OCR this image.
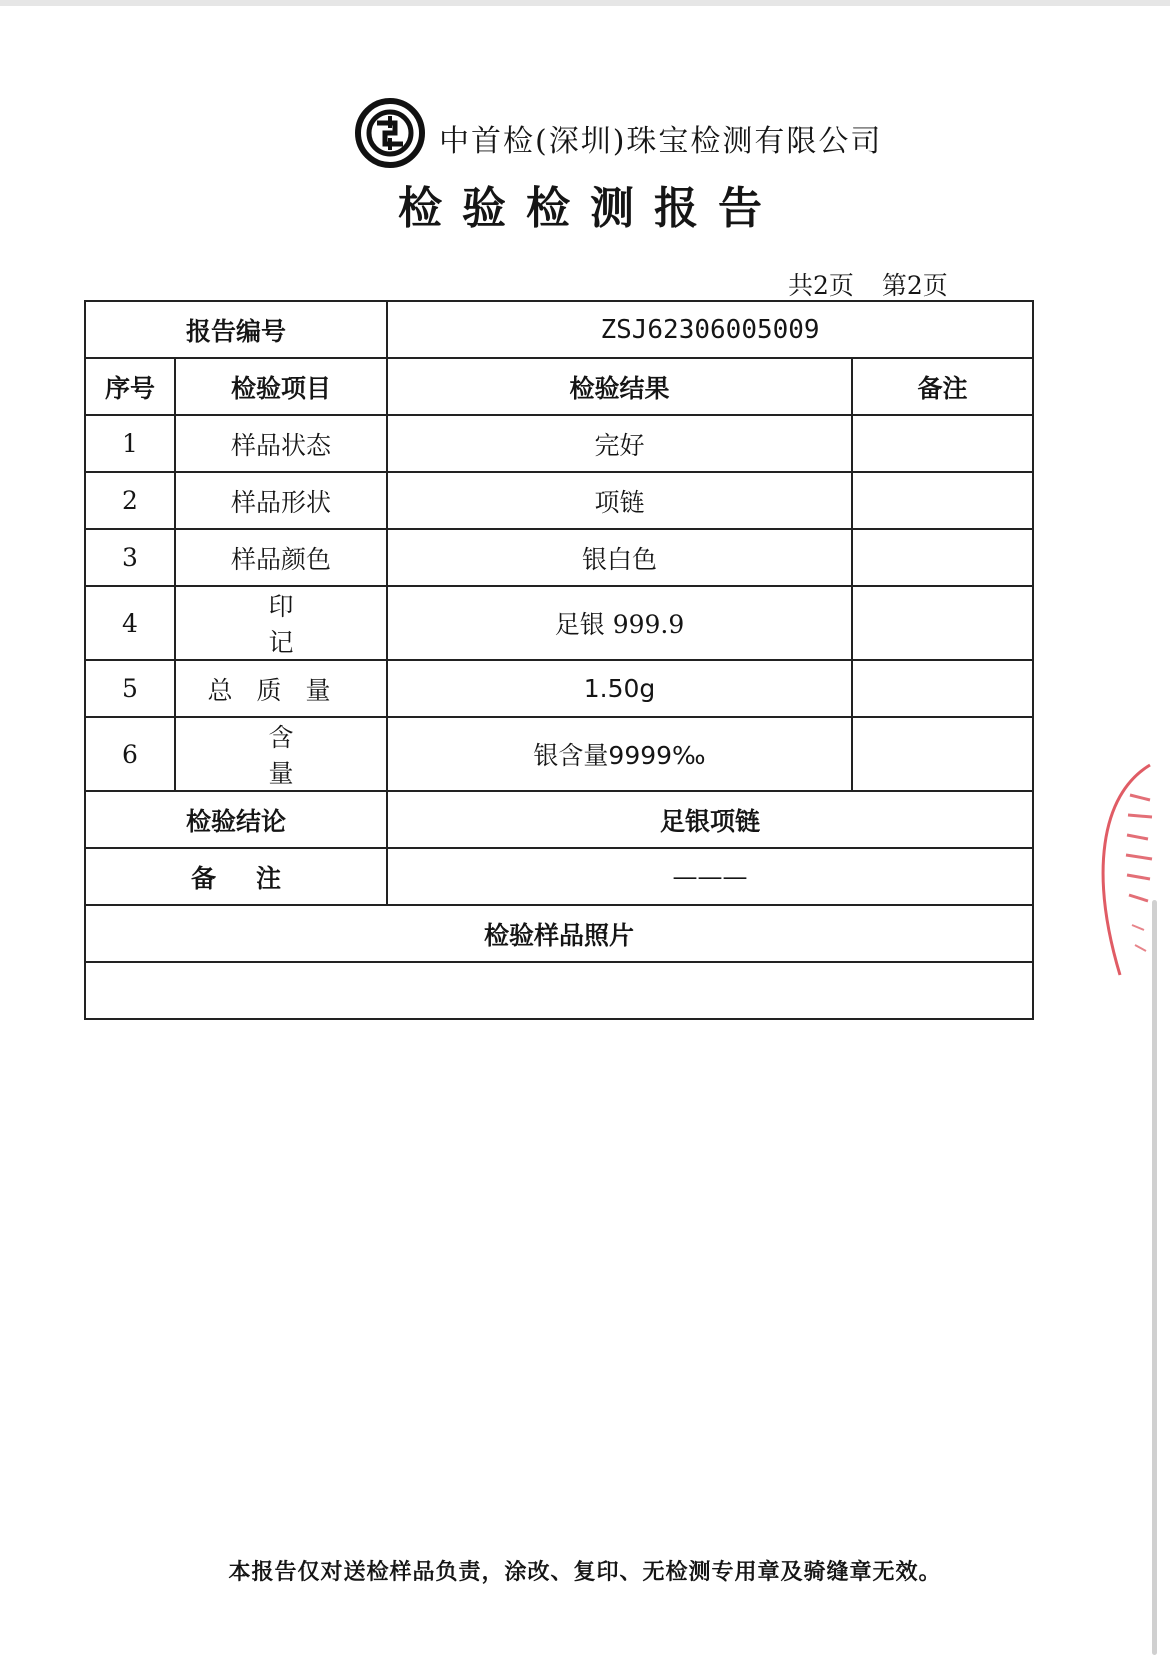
中首检(深圳)珠宝检测有限公司
检验检测报告
共2页 第2页
报告编号		ZSJ62306005009	
序号	检验项目	检验结果	备注
1	样品状态	完好	
2	样品形状	项链	
3	样品颜色	银白色	
4	印记	足银 999.9	
5	总质量	1.50g	
6	含量	银含量9999‰	
检验结论		足银项链	
备注		———	
检验样品照片			

本报告仅对送检样品负责，涂改、复印、无检测专用章及骑缝章无效。
